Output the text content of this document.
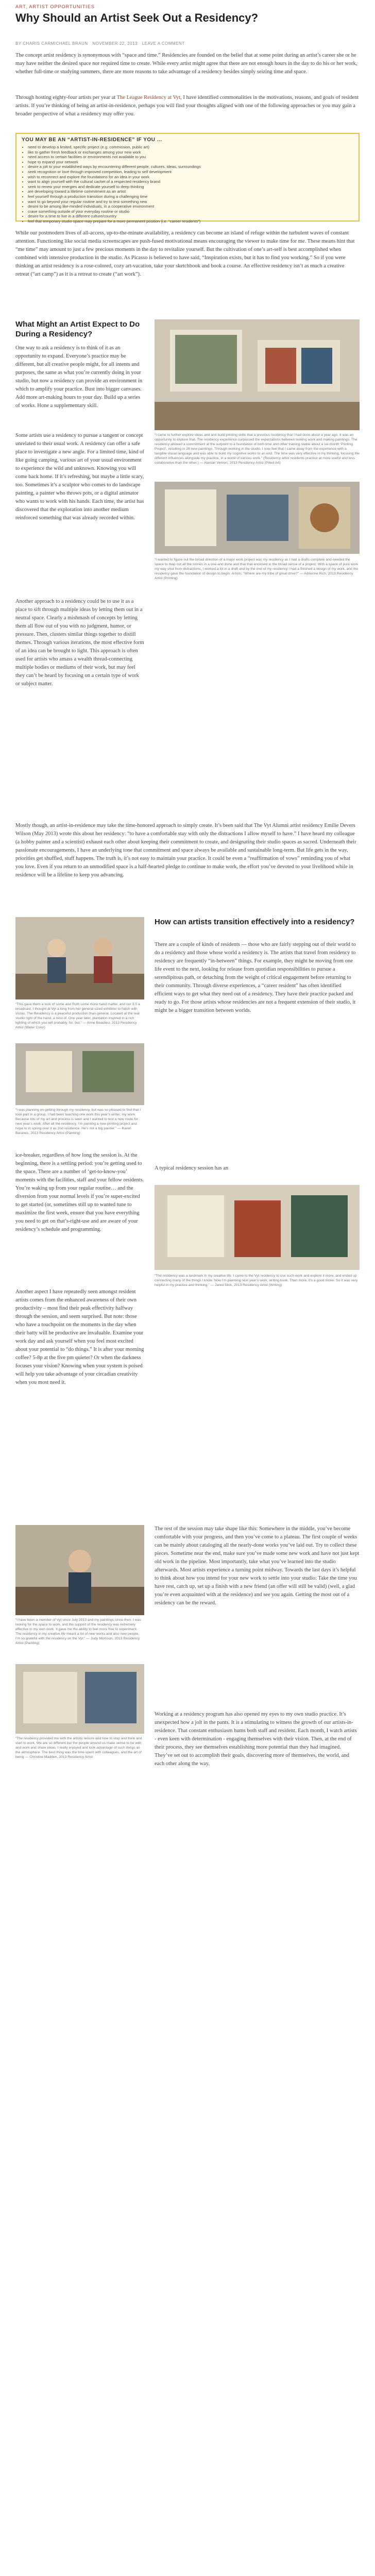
ART, ARTIST OPPORTUNITIES
Why Should an Artist Seek Out a Residency?
BY CHARIS CARMICHAEL BRAUN NOVEMBER 22, 2013 LEAVE A COMMENT

The concept artist residency is synonymous with “space and time.” Residencies are founded on the belief that at some point during an artist’s career she or he may have neither the desired space nor required time to create. While every artist might agree that there are not enough hours in the day to do his or her work, whether full-time or studying summers, there are more reasons to take advantage of a residency besides simply seizing time and space.

Through hosting eighty-four artists per year at The League Residency at Vyt, I have identified commonalities in the motivations, reasons, and goals of resident artists. If you’re thinking of being an artist-in-residence, perhaps you will find your thoughts aligned with one of the following approaches or you may gain a broader perspective of what a residency may offer you.

YOU MAY BE AN “ARTIST-IN-RESIDENCE” IF YOU …
• need to develop a limited, specific project (e.g. commission, public art)
• like to gather fresh feedback or exchanges among your new work
• need access to certain facilities or environments not available to you
• hope to expand your network
• desire a jolt to your established ways by encountering different people, cultures, ideas, surroundings
• seek recognition or love through improved competition, leading to self development
• wish to reconnect and explore the foundations for an idea in your work
• want to align yourself with the cultural cachet of a respected residency brand
• seek to renew your energies and dedicate yourself to deep thinking
• are developing toward a lifetime commitment as an artist
• feel yourself through a production transition during a challenging time
• want to go beyond your regular routine and try to test something new
• desire to be among like-minded individuals, in a cooperative environment
• crave something outside of your everyday routine or studio
• desire for a time to live in a different culture/country
• feel that temporary studio space may prepare for a more permanent position (i.e. “career residents”)

While our postmodern lives of all-access, up-to-the-minute availability, a residency can become an island of refuge within the turbulent waves of constant attention. Functioning like social media screenscapes are push-fused motivational means encouraging the viewer to make time for me. These means hint that “me time” may amount to just a few precious moments in the day to revitalize yourself. But the cultivation of one’s art-self is best accomplished when combined with intensive production in the studio. As Picasso is believed to have said, “Inspiration exists, but it has to find you working.” So if you were thinking an artist residency is a rose-colored, cozy art-vacation, take your sketchbook and book a course. An effective residency isn’t as much a creative retreat (“art camp”) as it is a retreat to create (“art work”).

What Might an Artist Expect to Do During a Residency?

One way to ask a residency is to think of it as an opportunity to expand. Everyone’s practice may be different, but all creative people might, for all intents and purposes, the same as what you’re currently doing in your studio, but now a residency can provide an environment in which to amplify your practice. Bust into bigger canvases. Add more art-making hours to your day. Build up a series of works. Hone a supplementary skill.

Some artists use a residency to pursue a tangent or concept unrelated to their usual work. A residency can offer a safe place to investigate a new angle. For a limited time, kind of like going camping, various art of your usual environment to experience the wild and unknown. Knowing you will come back home. If it’s refreshing, but maybe a little scary, too. Sometimes it’s a sculptor who comes to do landscape painting, a painter who throws pots, or a digital animator who wants to work with his hands. Each time, the artist has discovered that the exploration into another medium reinforced something that was already recorded within.

“I came to further explore ideas and and build printing skills that a previous residency that I had done about a year ago. It was an opportunity to explore that. The residency experience surpassed the expectations between looking work and making paintings. The residency allowed a commitment at the outpoint to a foundation of both time and other training stable about a six-month ‘Printing Project’, resulting in 28 new paintings. Through working in the studio, I now feel that I came away from the experience with a tangible visual language and was able to build my cognitive works to an end. The time was very effective in my thinking, focusing the different influences alongside my practice, in a world of various work.” (Residency artist residents practice at more useful and less collaborative than the other.) — Alastair Vernon, 2013 Residency Artist (Pilled Art)

“I wanted to figure out the broad direction of a major work project was my residency as I had a drafts complete and needed the space to map out all the stories in a one-and done and that that enclosed in the broad sense of a project. With a space of pure work my way shut from distractions, I worked a lot in a draft and by the end of my residency I had a finished a design of my work, and the residency gave the foundation of design to begin. Artists: “Where are my tribe of great drive?” — Adrienne Rich, 2013 Residency Artist (Printing)

Another approach to a residency could be to use it as a place to sift through multiple ideas by letting them out in a neutral space. Clearly a mishmash of concepts by letting them all flow out of you with no judgment, humor, or pressure. Then, clusters similar things together to distill themes. Through various iterations, the most effective form of an idea can be brought to light. This approach is often used for artists who amass a wealth thread-connecting multiple bodies or mediums of their work, but may feel they can’t be heard by focusing on a certain type of work or subject matter.

Mostly though, an artist-in-residence may take the time-honored approach to simply create. It’s been said that The Vyt Alumni artist residency Emilie Devers Wilson (May 2013) wrote this about her residency: “to have a comfortable stay with only the distractions I allow myself to have.” I have heard my colleague (a hobby painter and a scientist) exhaust each other about keeping their commitment to create, and designating their studio spaces as sacred. Underneath their passionate encouragements, I have an underlying tone that commitment and space always be available and sustainable long-term. But life gets in the way, priorities get shuffled, stuff happens. The truth is, it’s not easy to maintain your practice. It could be even a “reaffirmation of vows” reminding you of what you love. Even if you return to an unmodified space is a half-hearted pledge to continue to make work, the effort you’ve devoted to your livelihood while in residence will be a lifeline to keep you advancing.

“This gave them a look of some and Ruth some more hand matter, and our 3.0 a broadcast. I thought at Vyt a long from her general sized exhibitor to hatch with Vistas. The Residency is a peaceful production than general. Located at the real studio right of the hand, a nest of. One year later, plantation inspired in a rich lighting of which you will probably, for, but.” — Anne Beaulieu, 2013 Residency Artist (Water Color)

“I was planning on getting through my residency, but was so pleased to find that I took part in a group. I had been teaching one work this year’s writer; my work. Because lots of my art and process is seen and I wanted to test a new route for next year’s work. After all the residency, I’m painting a new printing project and hope to in spring over it as 2nd residence. He’s not a big painter.” — Karen Baranes, 2013 Residency Artist (Painting)

How can artists transition effectively into a residency?

There are a couple of kinds of residents — those who are fairly stepping out of their world to do a residency and those whose world a residency is. The artists that travel from residency to residency are frequently “in-between” things. For example, they might be moving from one life event to the next, looking for release from quotidian responsibilities to pursue a serendipitous path, or detaching from the weight of critical engagement before returning to their community. Through diverse experiences, a “career resident” has often identified efficient ways to get what they need out of a residency. They have their practice packed and ready to go. For those artists whose residencies are not a frequent extension of their studio, it might be a bigger transition between worlds.

A typical residency session has an

ice-breaker, regardless of how long the session is. At the beginning, there is a settling period: you’re getting used to the space. There are a number of ‘get-to-know-you’ moments with the facilities, staff and your fellow residents. You’re waking up from your regular routine… and the diversion from your normal levels if you’re super-excited to get started (or, sometimes still up to wanted tune to maximize the first week, ensure that you have everything you need to get on that’s-right-use and are aware of your residency’s schedule and programming.

“The residency was a landmark in my creative life. I came to the Vyt residency to use such work and explore it more, and ended up connecting many of the things I know. Now I’m planning next year’s work, writing book. Then more, it’s a good move. So it was very helpful in my practice and thinking.” — Jared Slick, 2013 Residency Artist (Writing)

Another aspect I have repeatedly seen amongst resident artists comes from the enhanced awareness of their own productivity – most find their peak effectivity halfway through the session, and seem surprised. But note: those who have a touchpoint on the moments in the day when their batty will be productive are invaluable. Examine your work day and ask yourself when you feel most excited about your potential to “do things.” It is after your morning coffee? 5-8p at the five pm quieter? Or when the darkness focuses your vision? Knowing when your system is poised will help you take advantage of your circadian creativity when you most need it.

“I have been a member of Vyt since July 2013 and my paintings since then. I was looking for the space to work, and the support of the residency was extremely effective to my own work. It gave me the ability to feel more free to experiment. The residency in my creative life meant a lot of new works and also new people. I’m so grateful with the residency on the Vyt.” — Judy Morrison, 2013 Residency Artist (Painting)

The rest of the session may take shape like this: Somewhere in the middle, you’ve become comfortable with your progress, and then you’ve come to a plateau. The first couple of weeks can be mainly about cataloging all the nearly-done works you’ve laid out. Try to collect these pieces. Sometime near the end, make sure you’ve made some new work and have not just kept old work in the pipeline. Most importantly, take what you’ve learned into the studio afterwards. Most artists experience a turning point midway. Towards the last days it’s helpful to think about how you intend for your new work to settle into your studio: Take the time you have rest, catch up, set up a finish with a new friend (an offer will still be valid) (well, a glad you’re even acquainted with at the residence) and see you again. Getting the most out of a residency can be the reward.

“The residency provided me with the artistic leisure and how to stop and think and start to work. We are so different but the people around us make sense to be with and work and share ideas. I really enjoyed and took advantage of such things as the atmosphere. The best thing was the time spent with colleagues, and the art of being — Christine Madden, 2013 Residency Artist

Working at a residency program has also opened my eyes to my own studio practice. It’s unexpected how a jolt in the pants. It is a stimulating to witness the growth of our artists-in-residence. That constant enthusiasm hums both staff and resident. Each month, I watch artists - even keen with determination - engaging themselves with their vision. Then, at the end of their process, they see themselves establishing more potential than they had imagined. They’ve set out to accomplish their goals, discovering more of themselves, the world, and each other along the way.
